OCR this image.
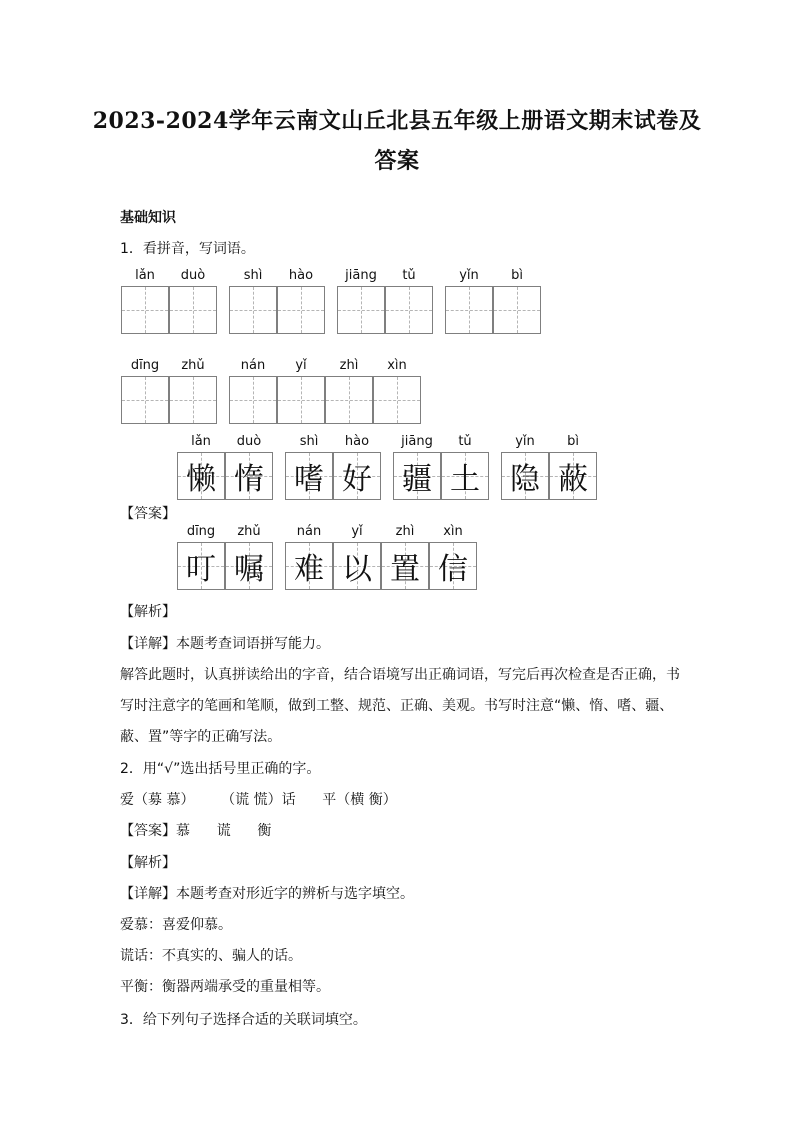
2023-2024学年云南文山丘北县五年级上册语文期末试卷及
答案
基础知识
1．看拼音，写词语。
lǎn	duò	shì	hào	jiāng	tǔ	yǐn	bì
dīng	zhǔ	nán	yǐ	zhì	xìn
【答案】
lǎn
懒
duò
惰
shì
嗜
hào
好
jiāng
疆
tǔ
土
yǐn
隐
bì
蔽
dīng
叮
zhǔ
嘱
nán
难
yǐ
以
zhì
置
xìn
信
【解析】
【详解】本题考查词语拼写能力。
解答此题时，认真拼读给出的字音，结合语境写出正确词语，写完后再次检查是否正确，书
写时注意字的笔画和笔顺，做到工整、规范、正确、美观。书写时注意“懒、惰、嗜、疆、
蔽、置”等字的正确写法。
2．用“√”选出括号里正确的字。
爱（募 慕）      （谎 慌）话      平（横 衡）
【答案】慕      谎      衡
【解析】
【详解】本题考查对形近字的辨析与选字填空。
爱慕：喜爱仰慕。
谎话：不真实的、骗人的话。
平衡：衡器两端承受的重量相等。
3．给下列句子选择合适的关联词填空。
